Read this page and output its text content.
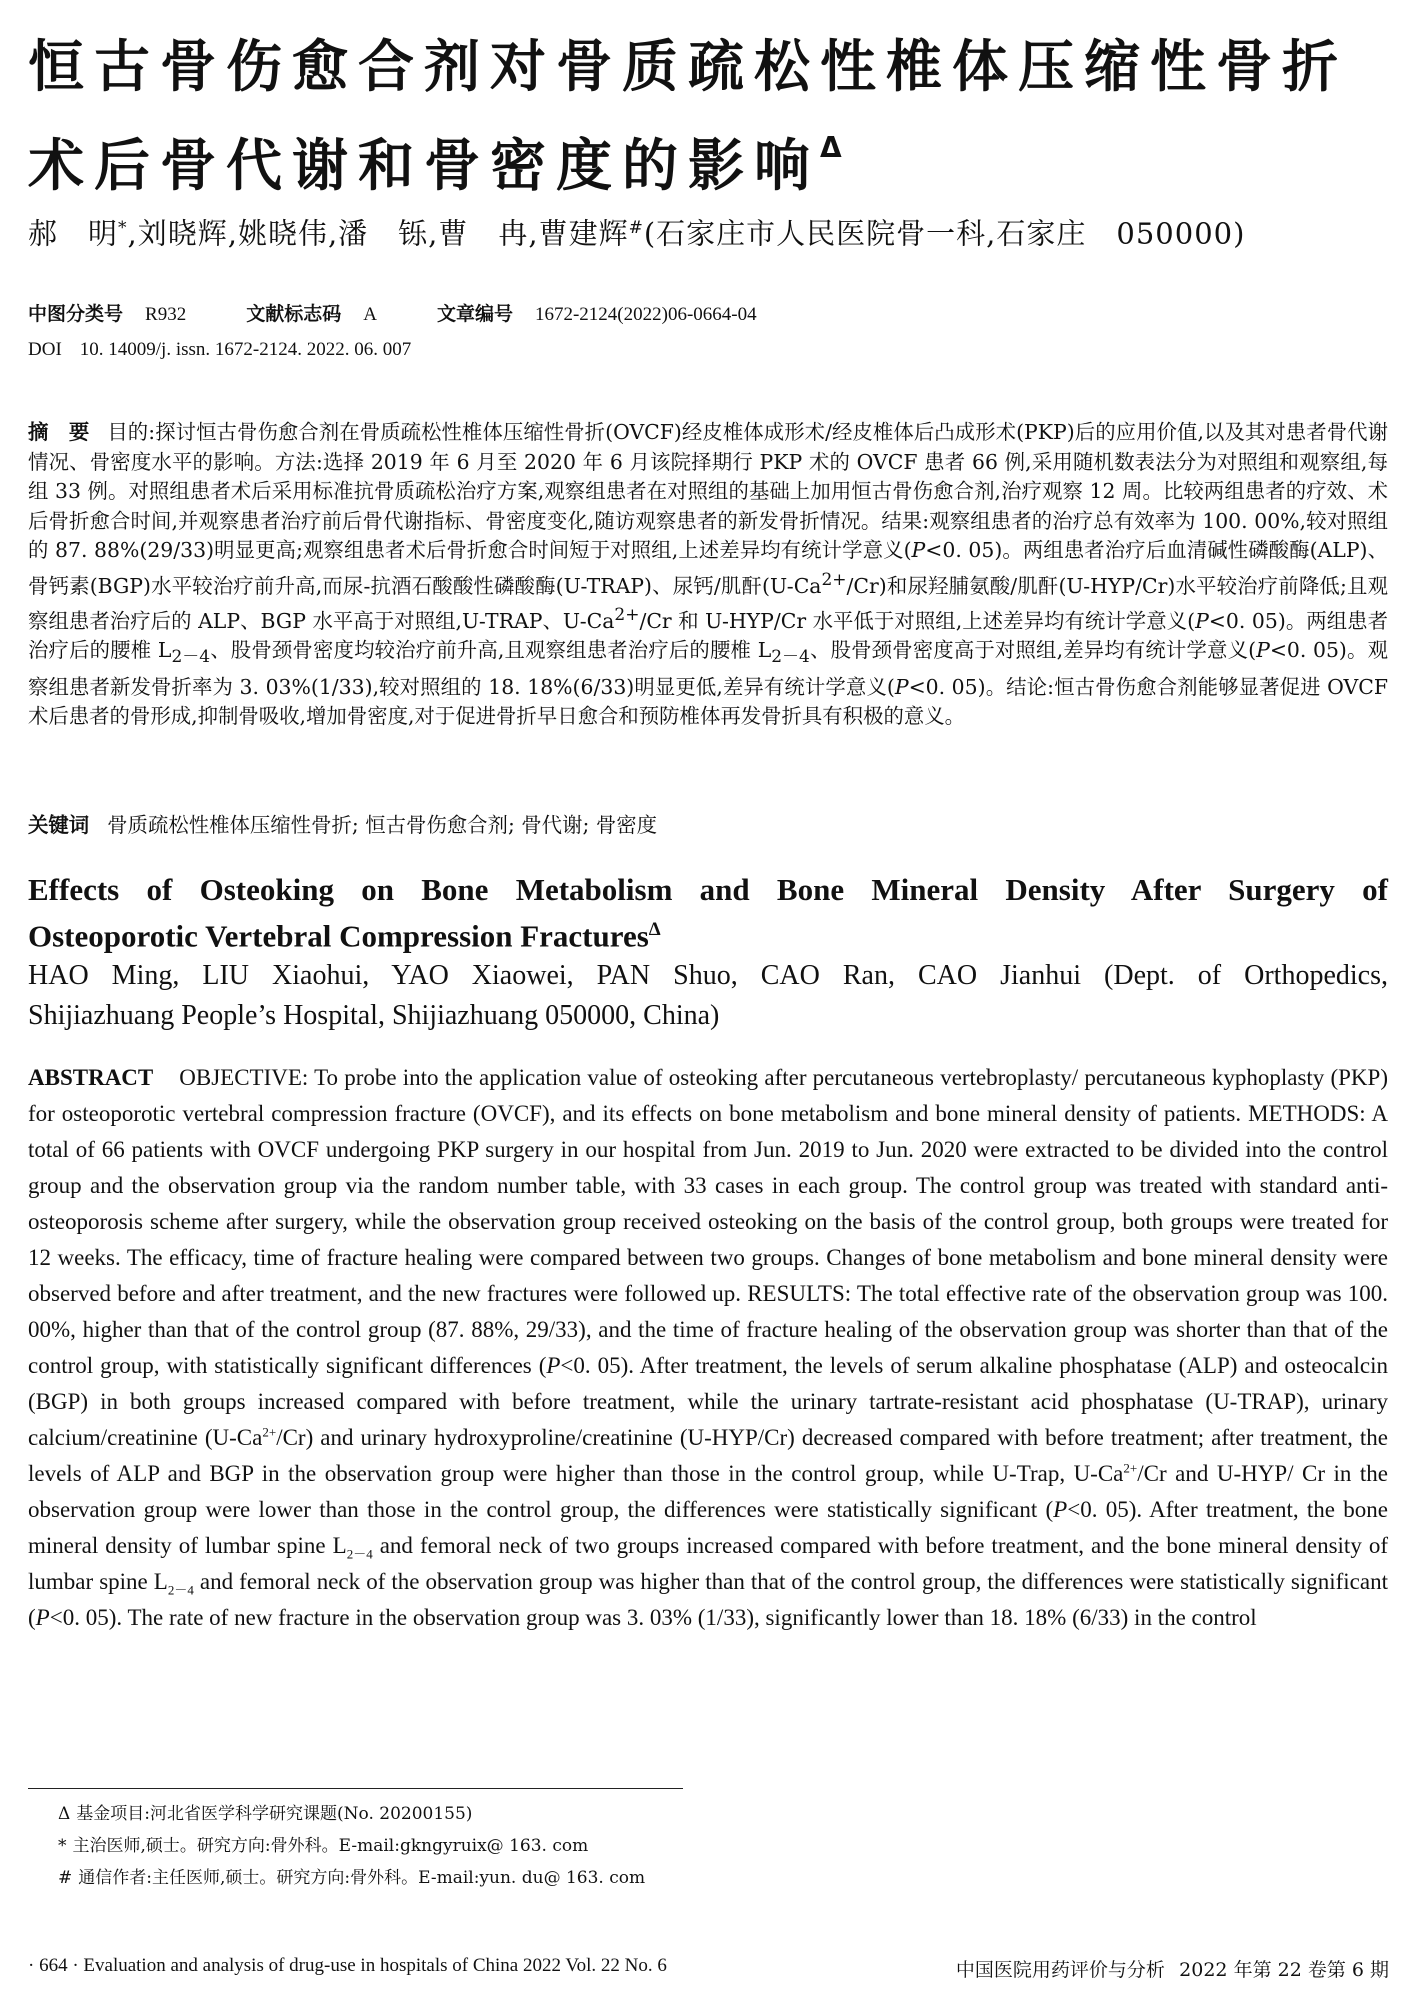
恒古骨伤愈合剂对骨质疏松性椎体压缩性骨折
术后骨代谢和骨密度的影响$^\Delta$
郝　明*,刘晓辉,姚晓伟,潘　铄,曹　冉,曹建辉#(石家庄市人民医院骨一科,石家庄　050000)
中图分类号 R932	文献标志码 A	文章编号 1672-2124(2022)06-0664-04
DOI 10. 14009/j. issn. 1672-2124. 2022. 06. 007

摘　要 目的:探讨恒古骨伤愈合剂在骨质疏松性椎体压缩性骨折(OVCF)经皮椎体成形术/经皮椎体后凸成形术(PKP)后的应用价值,以及其对患者骨代谢情况、骨密度水平的影响。方法:选择 2019 年 6 月至 2020 年 6 月该院择期行 PKP 术的 OVCF 患者 66 例,采用随机数表法分为对照组和观察组,每组 33 例。对照组患者术后采用标准抗骨质疏松治疗方案,观察组患者在对照组的基础上加用恒古骨伤愈合剂,治疗观察 12 周。比较两组患者的疗效、术后骨折愈合时间,并观察患者治疗前后骨代谢指标、骨密度变化,随访观察患者的新发骨折情况。结果:观察组患者的治疗总有效率为 100. 00%,较对照组的 87. 88%(29/33)明显更高;观察组患者术后骨折愈合时间短于对照组,上述差异均有统计学意义(P<0. 05)。两组患者治疗后血清碱性磷酸酶(ALP)、骨钙素(BGP)水平较治疗前升高,而尿-抗酒石酸酸性磷酸酶(U-TRAP)、尿钙/肌酐$(U-Ca^{2+}/Cr)$和尿羟脯氨酸/肌酐(U-HYP/Cr)水平较治疗前降低;且观察组患者治疗后的 ALP、BGP 水平高于对照组,U-TRAP、$U-Ca^{2+}/Cr$ 和 U-HYP/Cr 水平低于对照组,上述差异均有统计学意义(P<0. 05)。两组患者治疗后的腰椎 $L_{2-4}$、股骨颈骨密度均较治疗前升高,且观察组患者治疗后的腰椎 $L_{2-4}$、股骨颈骨密度高于对照组,差异均有统计学意义(P<0. 05)。观察组患者新发骨折率为 3. 03%(1/33),较对照组的 18. 18%(6/33)明显更低,差异有统计学意义(P<0. 05)。结论:恒古骨伤愈合剂能够显著促进 OVCF 术后患者的骨形成,抑制骨吸收,增加骨密度,对于促进骨折早日愈合和预防椎体再发骨折具有积极的意义。

关键词 骨质疏松性椎体压缩性骨折; 恒古骨伤愈合剂; 骨代谢; 骨密度
Effects of Osteoking on Bone Metabolism and Bone Mineral Density After Surgery of
Osteoporotic Vertebral Compression Fractures$^\Delta$
HAO Ming, LIU Xiaohui, YAO Xiaowei, PAN Shuo, CAO Ran, CAO Jianhui (Dept. of Orthopedics,
Shijiazhuang People’s Hospital, Shijiazhuang 050000, China)

ABSTRACT OBJECTIVE: To probe into the application value of osteoking after percutaneous vertebroplasty/ percutaneous kyphoplasty (PKP) for osteoporotic vertebral compression fracture (OVCF), and its effects on bone metabolism and bone mineral density of patients. METHODS: A total of 66 patients with OVCF undergoing PKP surgery in our hospital from Jun. 2019 to Jun. 2020 were extracted to be divided into the control group and the observation group via the random number table, with 33 cases in each group. The control group was treated with standard anti-osteoporosis scheme after surgery, while the observation group received osteoking on the basis of the control group, both groups were treated for 12 weeks. The efficacy, time of fracture healing were compared between two groups. Changes of bone metabolism and bone mineral density were observed before and after treatment, and the new fractures were followed up. RESULTS: The total effective rate of the observation group was 100. 00%, higher than that of the control group (87. 88%, 29/33), and the time of fracture healing of the observation group was shorter than that of the control group, with statistically significant differences (P<0. 05). After treatment, the levels of serum alkaline phosphatase (ALP) and osteocalcin (BGP) in both groups increased compared with before treatment, while the urinary tartrate-resistant acid phosphatase (U-TRAP), urinary calcium/creatinine $(U-Ca^{2+}/Cr)$ and urinary hydroxyproline/creatinine (U-HYP/Cr) decreased compared with before treatment; after treatment, the levels of ALP and BGP in the observation group were higher than those in the control group, while U-Trap, $U-Ca^{2+}/Cr$ and U-HYP/ Cr in the observation group were lower than those in the control group, the differences were statistically significant (P<0. 05). After treatment, the bone mineral density of lumbar spine $L_{2-4}$ and femoral neck of two groups increased compared with before treatment, and the bone mineral density of lumbar spine $L_{2-4}$ and femoral neck of the observation group was higher than that of the control group, the differences were statistically significant (P<0. 05). The rate of new fracture in the observation group was 3. 03% (1/33), significantly lower than 18. 18% (6/33) in the control

Δ 基金项目:河北省医学科学研究课题(No. 20200155)
* 主治医师,硕士。研究方向:骨外科。E-mail:gkngyruix@ 163. com
# 通信作者:主任医师,硕士。研究方向:骨外科。E-mail:yun. du@ 163. com
· 664 · Evaluation and analysis of drug-use in hospitals of China 2022 Vol. 22 No. 6	中国医院用药评价与分析 2022 年第 22 卷第 6 期
